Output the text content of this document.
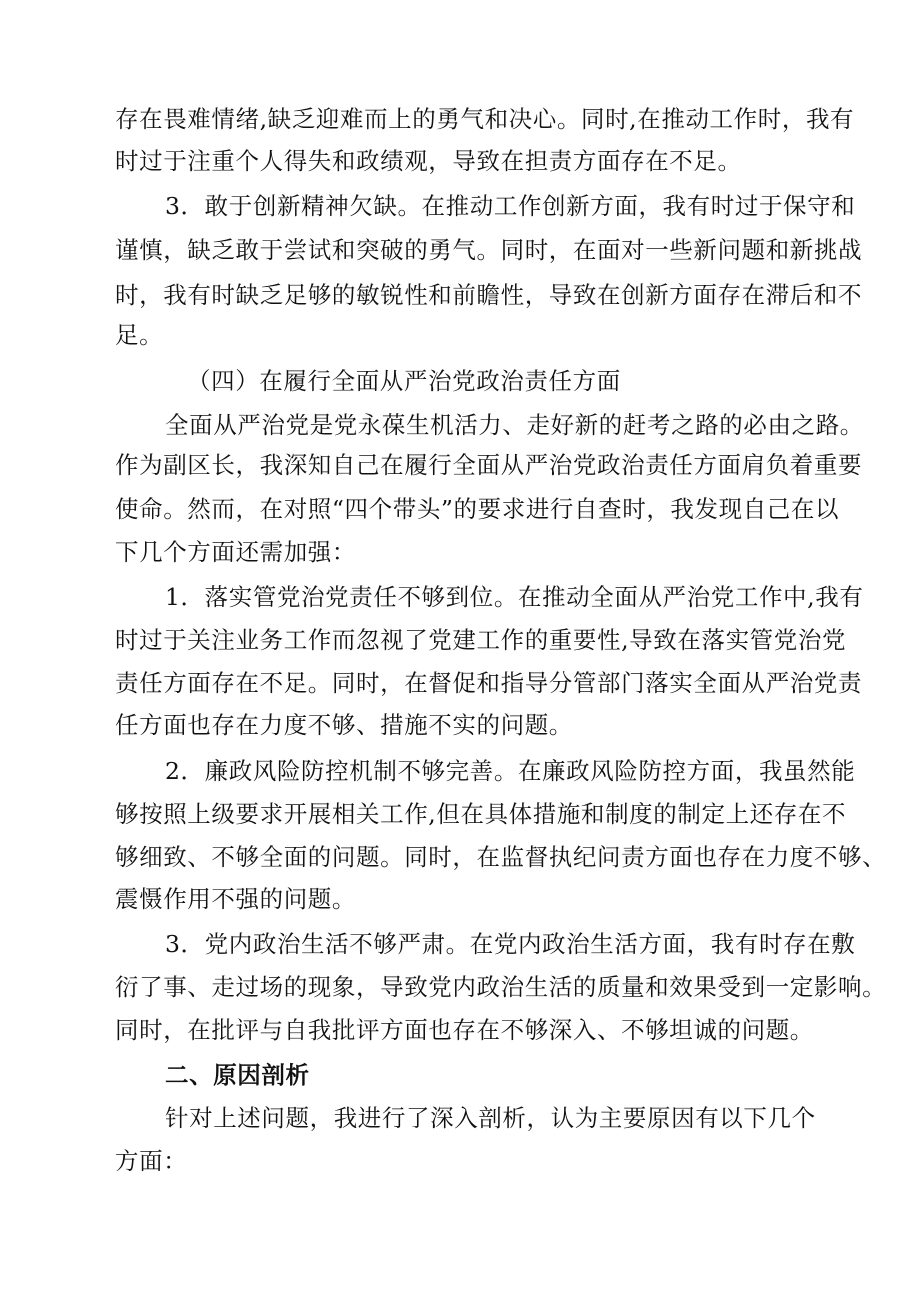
存在畏难情绪,缺乏迎难而上的勇气和决心。同时,在推动工作时，我有
时过于注重个人得失和政绩观，导致在担责方面存在不足。
3．敢于创新精神欠缺。在推动工作创新方面，我有时过于保守和
谨慎，缺乏敢于尝试和突破的勇气。同时，在面对一些新问题和新挑战
时，我有时缺乏足够的敏锐性和前瞻性，导致在创新方面存在滞后和不
足。
（四）在履行全面从严治党政治责任方面
全面从严治党是党永葆生机活力、走好新的赶考之路的必由之路。
作为副区长，我深知自己在履行全面从严治党政治责任方面肩负着重要
使命。然而，在对照“四个带头”的要求进行自查时，我发现自己在以
下几个方面还需加强：
1．落实管党治党责任不够到位。在推动全面从严治党工作中,我有
时过于关注业务工作而忽视了党建工作的重要性,导致在落实管党治党
责任方面存在不足。同时，在督促和指导分管部门落实全面从严治党责
任方面也存在力度不够、措施不实的问题。
2．廉政风险防控机制不够完善。在廉政风险防控方面，我虽然能
够按照上级要求开展相关工作,但在具体措施和制度的制定上还存在不
够细致、不够全面的问题。同时，在监督执纪问责方面也存在力度不够、
震慑作用不强的问题。
3．党内政治生活不够严肃。在党内政治生活方面，我有时存在敷
衍了事、走过场的现象，导致党内政治生活的质量和效果受到一定影响。
同时，在批评与自我批评方面也存在不够深入、不够坦诚的问题。
二、原因剖析
针对上述问题，我进行了深入剖析，认为主要原因有以下几个
方面：
